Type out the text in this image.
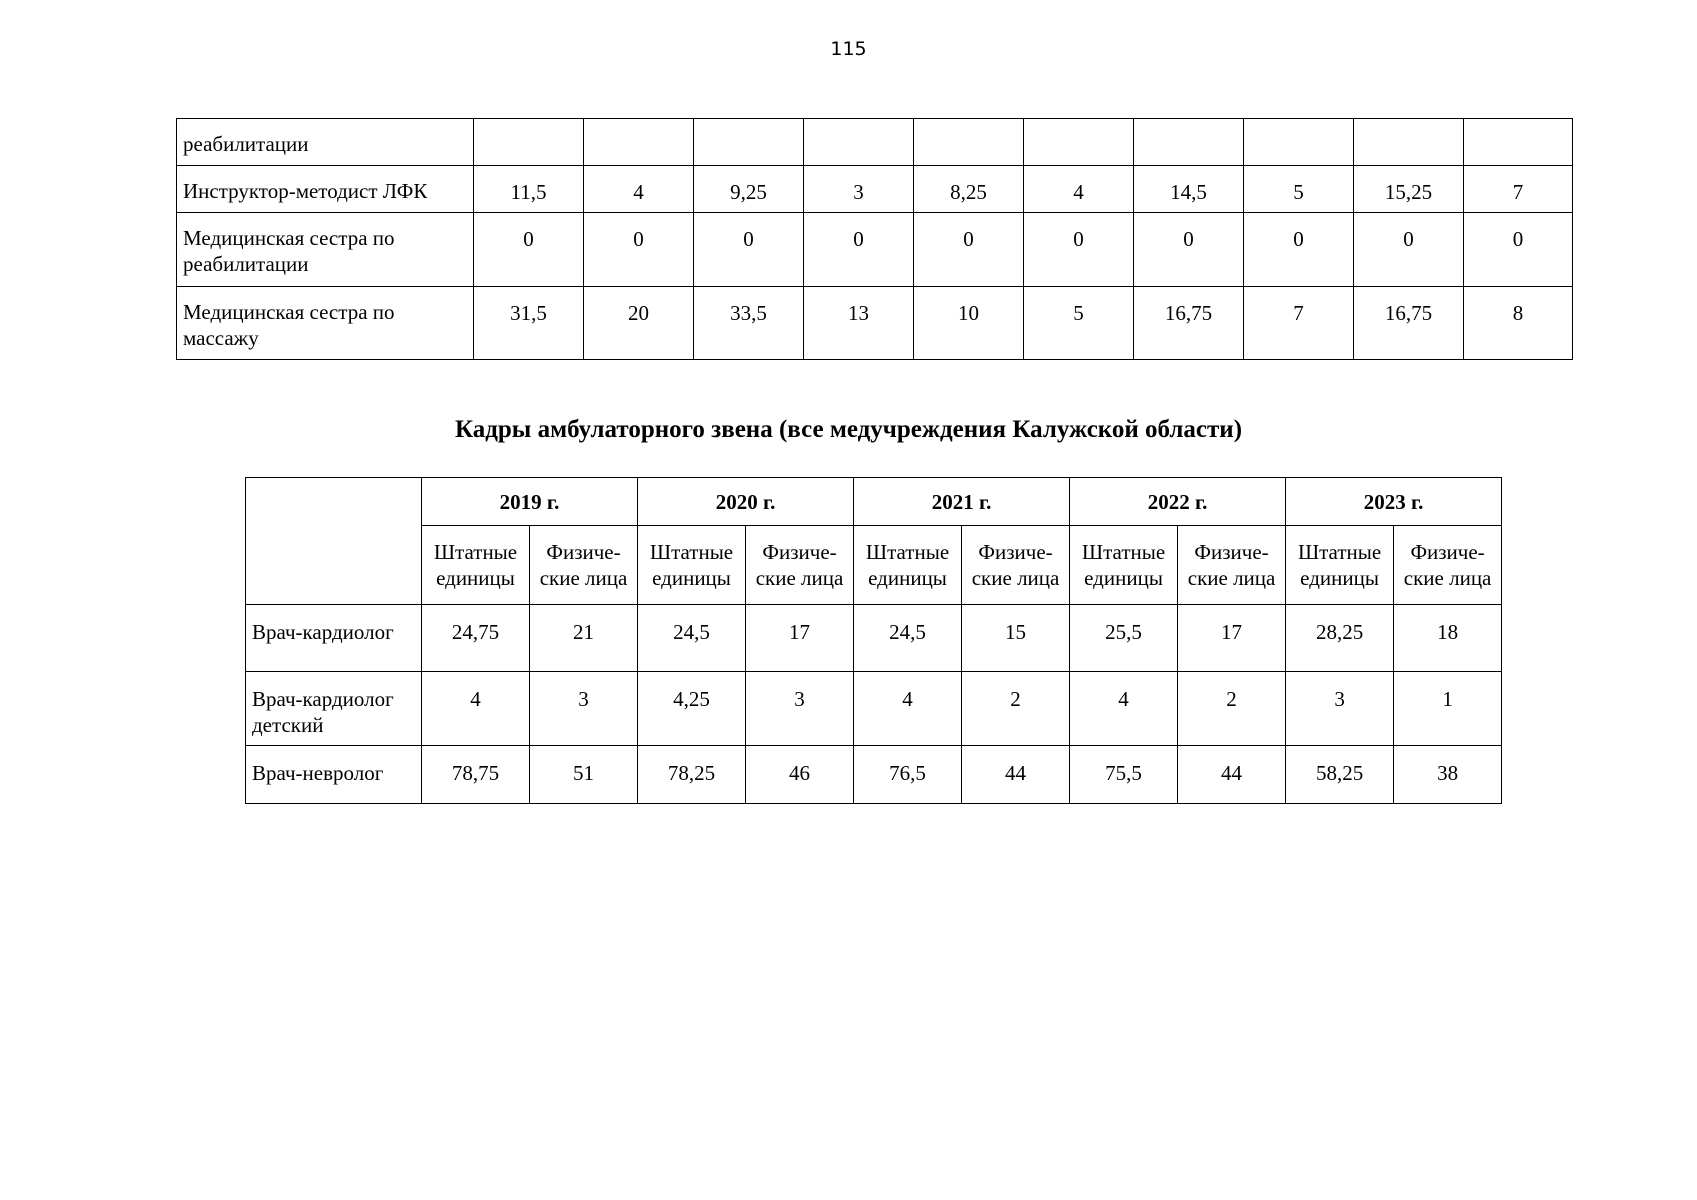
115
реабилитации										
Инструктор-методист ЛФК	11,5	4	9,25	3	8,25	4	14,5	5	15,25	7
Медицинская сестра по реабилитации	0	0	0	0	0	0	0	0	0	0
Медицинская сестра по массажу	31,5	20	33,5	13	10	5	16,75	7	16,75	8
Кадры амбулаторного звена (все медучреждения Калужской области)
	2019 г.		2020 г.		2021 г.		2022 г.		2023 г.	
	Штатные единицы	Физиче-ские лица	Штатные единицы	Физиче-ские лица	Штатные единицы	Физиче-ские лица	Штатные единицы	Физиче-ские лица	Штатные единицы	Физиче-ские лица
Врач-кардиолог	24,75	21	24,5	17	24,5	15	25,5	17	28,25	18
Врач-кардиолог детский	4	3	4,25	3	4	2	4	2	3	1
Врач-невролог	78,75	51	78,25	46	76,5	44	75,5	44	58,25	38
